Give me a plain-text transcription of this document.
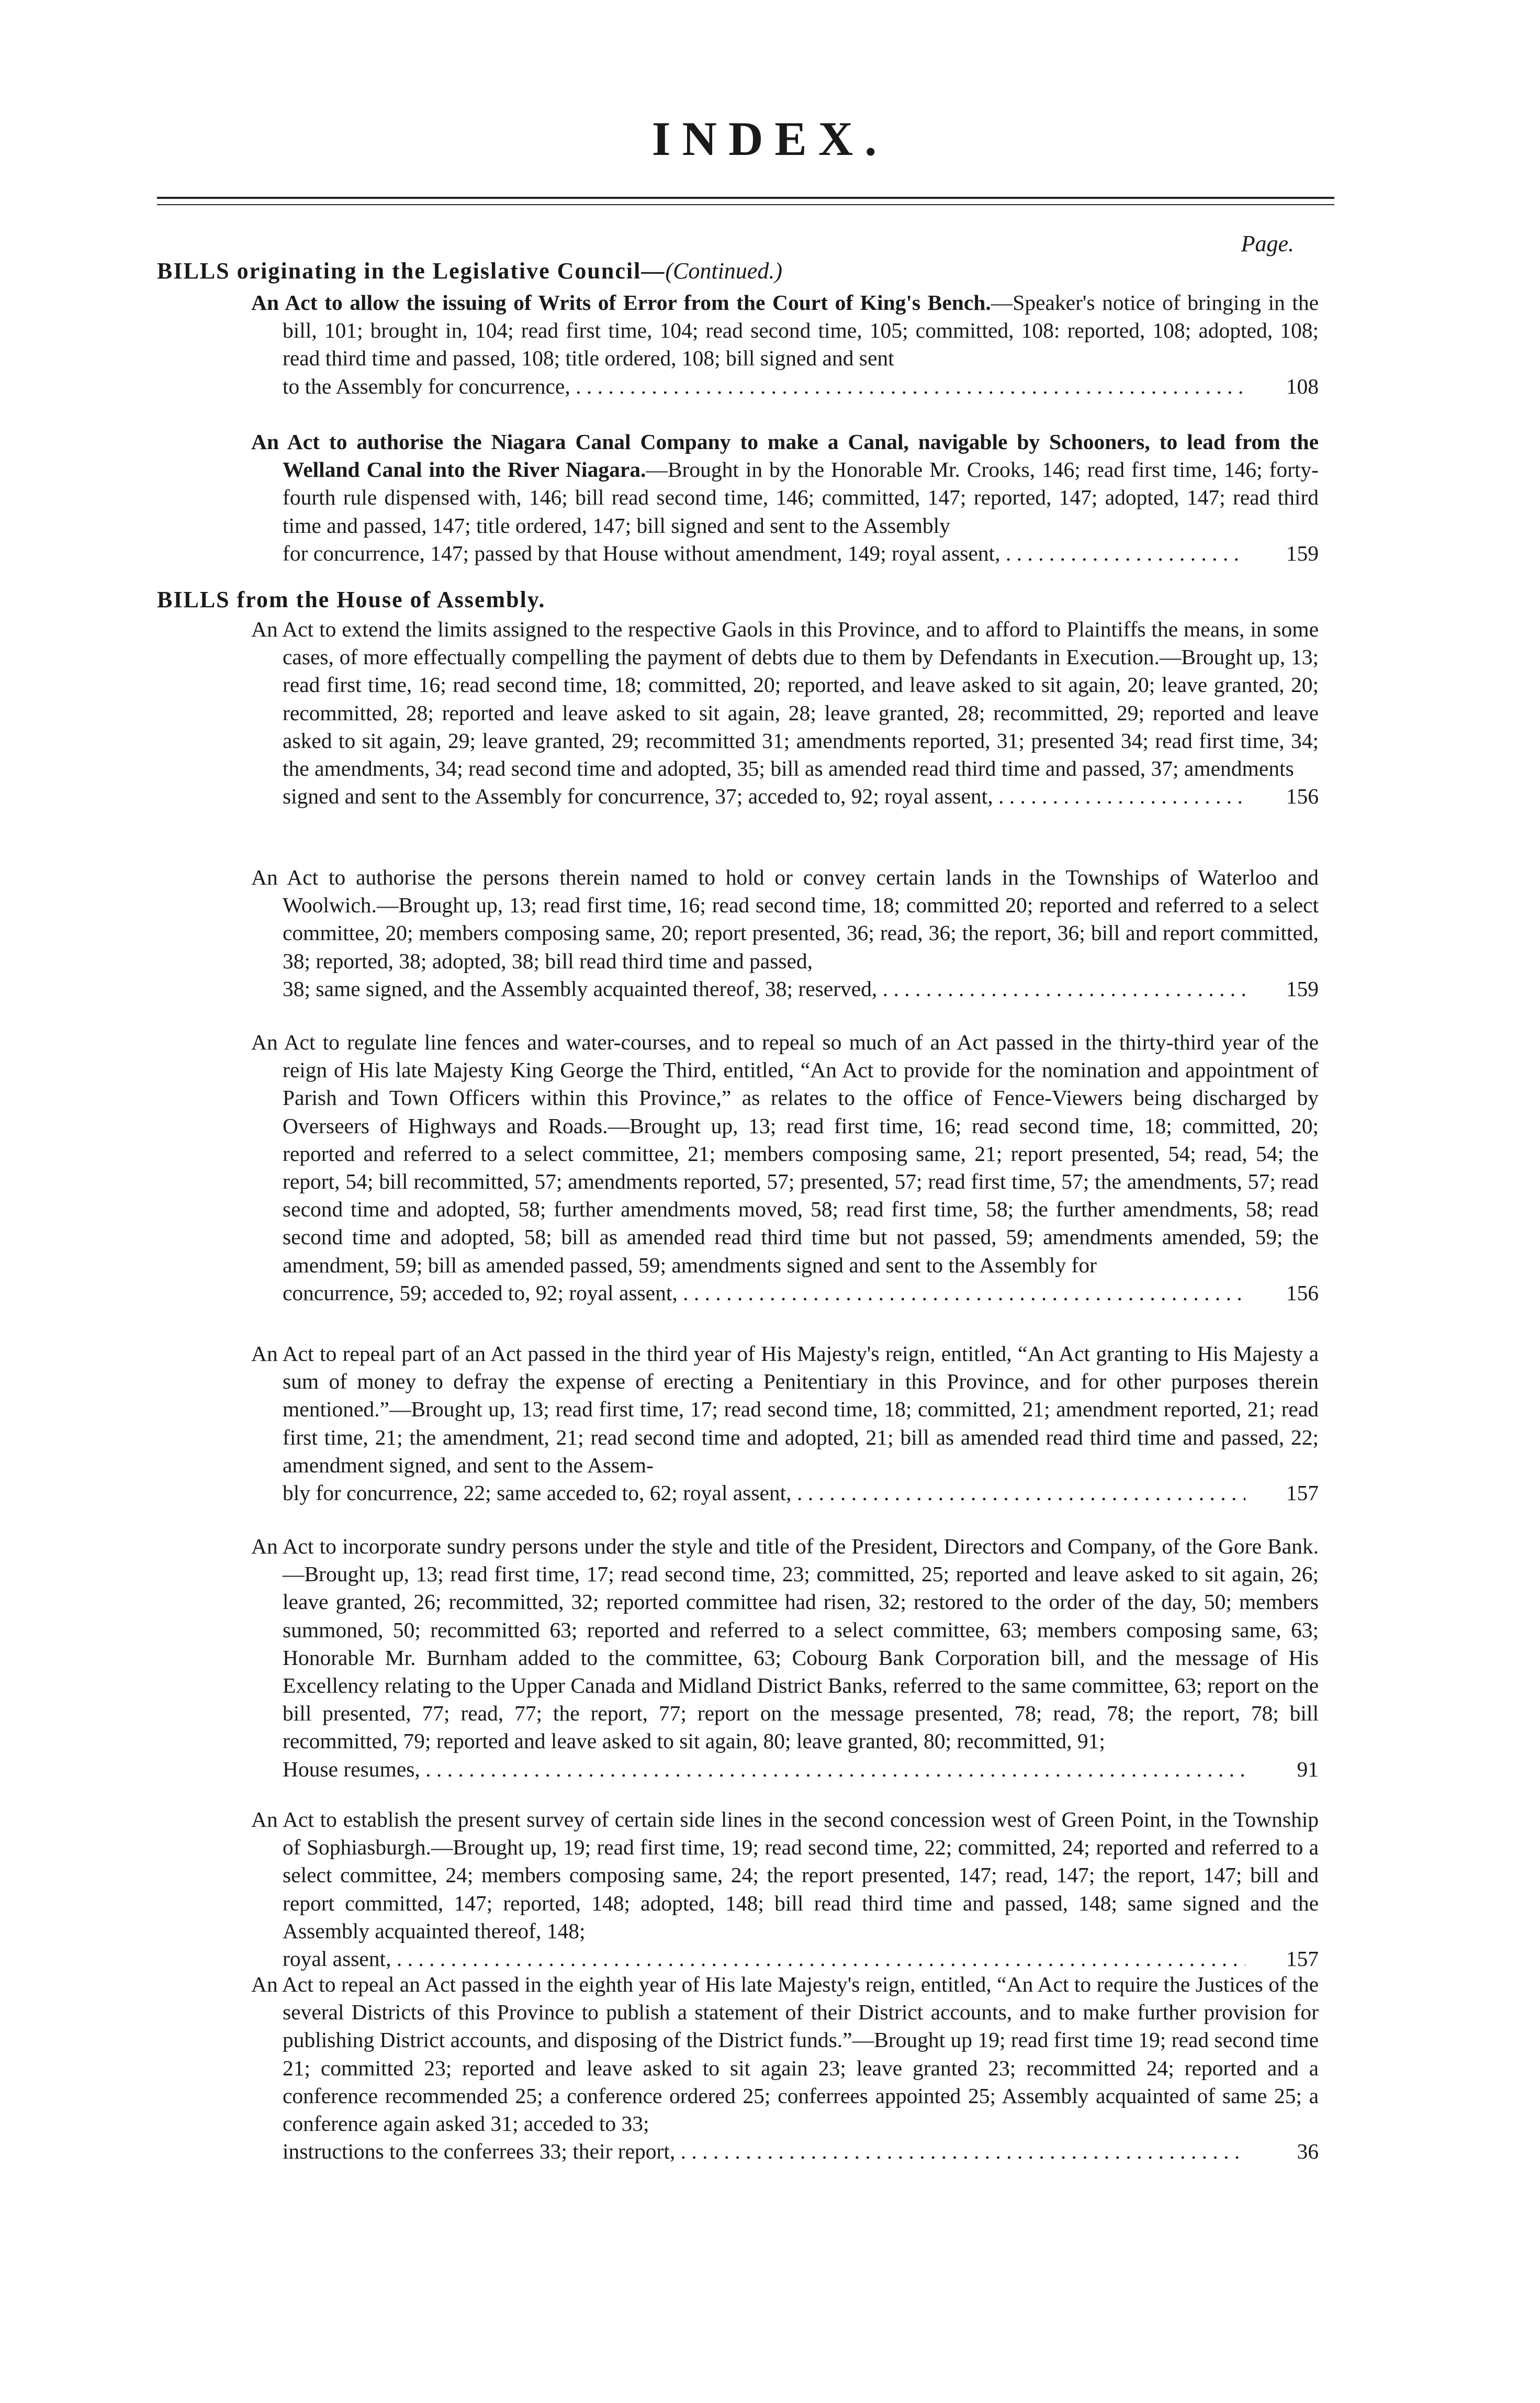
INDEX.
Page.
BILLS originating in the Legislative Council—(Continued.)
An Act to allow the issuing of Writs of Error from the Court of King's Bench.—Speaker's notice of bringing in the bill, 101; brought in, 104; read first time, 104; read second time, 105; committed, 108: reported, 108; adopted, 108; read third time and passed, 108; title ordered, 108; bill signed and sent
to the Assembly for concurrence,	108
. . .
An Act to authorise the Niagara Canal Company to make a Canal, navigable by Schooners, to lead from the Welland Canal into the River Niagara.—Brought in by the Honorable Mr. Crooks, 146; read first time, 146; forty-fourth rule dispensed with, 146; bill read second time, 146; committed, 147; reported, 147; adopted, 147; read third time and passed, 147; title ordered, 147; bill signed and sent to the Assembly
for concurrence, 147; passed by that House without amendment, 149; royal assent,	159
. . .
BILLS from the House of Assembly.
An Act to extend the limits assigned to the respective Gaols in this Province, and to afford to Plaintiffs the means, in some cases, of more effectually compelling the payment of debts due to them by Defendants in Execution.—Brought up, 13; read first time, 16; read second time, 18; committed, 20; reported, and leave asked to sit again, 20; leave granted, 20; recommitted, 28; reported and leave asked to sit again, 28; leave granted, 28; recommitted, 29; reported and leave asked to sit again, 29; leave granted, 29; recommitted 31; amendments reported, 31; presented 34; read first time, 34; the amendments, 34; read second time and adopted, 35; bill as amended read third time and passed, 37; amendments
signed and sent to the Assembly for concurrence, 37; acceded to, 92; royal assent,	156
. . .
An Act to authorise the persons therein named to hold or convey certain lands in the Townships of Waterloo and Woolwich.—Brought up, 13; read first time, 16; read second time, 18; committed 20; reported and referred to a select committee, 20; members composing same, 20; report presented, 36; read, 36; the report, 36; bill and report committed, 38; reported, 38; adopted, 38; bill read third time and passed,
38; same signed, and the Assembly acquainted thereof, 38; reserved,	159
. . .
An Act to regulate line fences and water-courses, and to repeal so much of an Act passed in the thirty-third year of the reign of His late Majesty King George the Third, entitled, “An Act to provide for the nomination and appointment of Parish and Town Officers within this Province,” as relates to the office of Fence-Viewers being discharged by Overseers of Highways and Roads.—Brought up, 13; read first time, 16; read second time, 18; committed, 20; reported and referred to a select committee, 21; members composing same, 21; report presented, 54; read, 54; the report, 54; bill recommitted, 57; amendments reported, 57; presented, 57; read first time, 57; the amendments, 57; read second time and adopted, 58; further amendments moved, 58; read first time, 58; the further amendments, 58; read second time and adopted, 58; bill as amended read third time but not passed, 59; amendments amended, 59; the amendment, 59; bill as amended passed, 59; amendments signed and sent to the Assembly for
concurrence, 59; acceded to, 92; royal assent,	156
. . .
An Act to repeal part of an Act passed in the third year of His Majesty's reign, entitled, “An Act granting to His Majesty a sum of money to defray the expense of erecting a Penitentiary in this Province, and for other purposes therein mentioned.”—Brought up, 13; read first time, 17; read second time, 18; committed, 21; amendment reported, 21; read first time, 21; the amendment, 21; read second time and adopted, 21; bill as amended read third time and passed, 22; amendment signed, and sent to the Assem-
bly for concurrence, 22; same acceded to, 62; royal assent,	157
. . .
An Act to incorporate sundry persons under the style and title of the President, Directors and Company, of the Gore Bank.—Brought up, 13; read first time, 17; read second time, 23; committed, 25; reported and leave asked to sit again, 26; leave granted, 26; recommitted, 32; reported committee had risen, 32; restored to the order of the day, 50; members summoned, 50; recommitted 63; reported and referred to a select committee, 63; members composing same, 63; Honorable Mr. Burnham added to the committee, 63; Cobourg Bank Corporation bill, and the message of His Excellency relating to the Upper Canada and Midland District Banks, referred to the same committee, 63; report on the bill presented, 77; read, 77; the report, 77; report on the message presented, 78; read, 78; the report, 78; bill recommitted, 79; reported and leave asked to sit again, 80; leave granted, 80; recommitted, 91;
House resumes,	91
. . .
An Act to establish the present survey of certain side lines in the second concession west of Green Point, in the Township of Sophiasburgh.—Brought up, 19; read first time, 19; read second time, 22; committed, 24; reported and referred to a select committee, 24; members composing same, 24; the report presented, 147; read, 147; the report, 147; bill and report committed, 147; reported, 148; adopted, 148; bill read third time and passed, 148; same signed and the Assembly acquainted thereof, 148;
royal assent,	157
. . .
An Act to repeal an Act passed in the eighth year of His late Majesty's reign, entitled, “An Act to require the Justices of the several Districts of this Province to publish a statement of their District accounts, and to make further provision for publishing District accounts, and disposing of the District funds.”—Brought up 19; read first time 19; read second time 21; committed 23; reported and leave asked to sit again 23; leave granted 23; recommitted 24; reported and a conference recommended 25; a conference ordered 25; conferrees appointed 25; Assembly acquainted of same 25; a conference again asked 31; acceded to 33;
instructions to the conferrees 33; their report,	36
. . .
